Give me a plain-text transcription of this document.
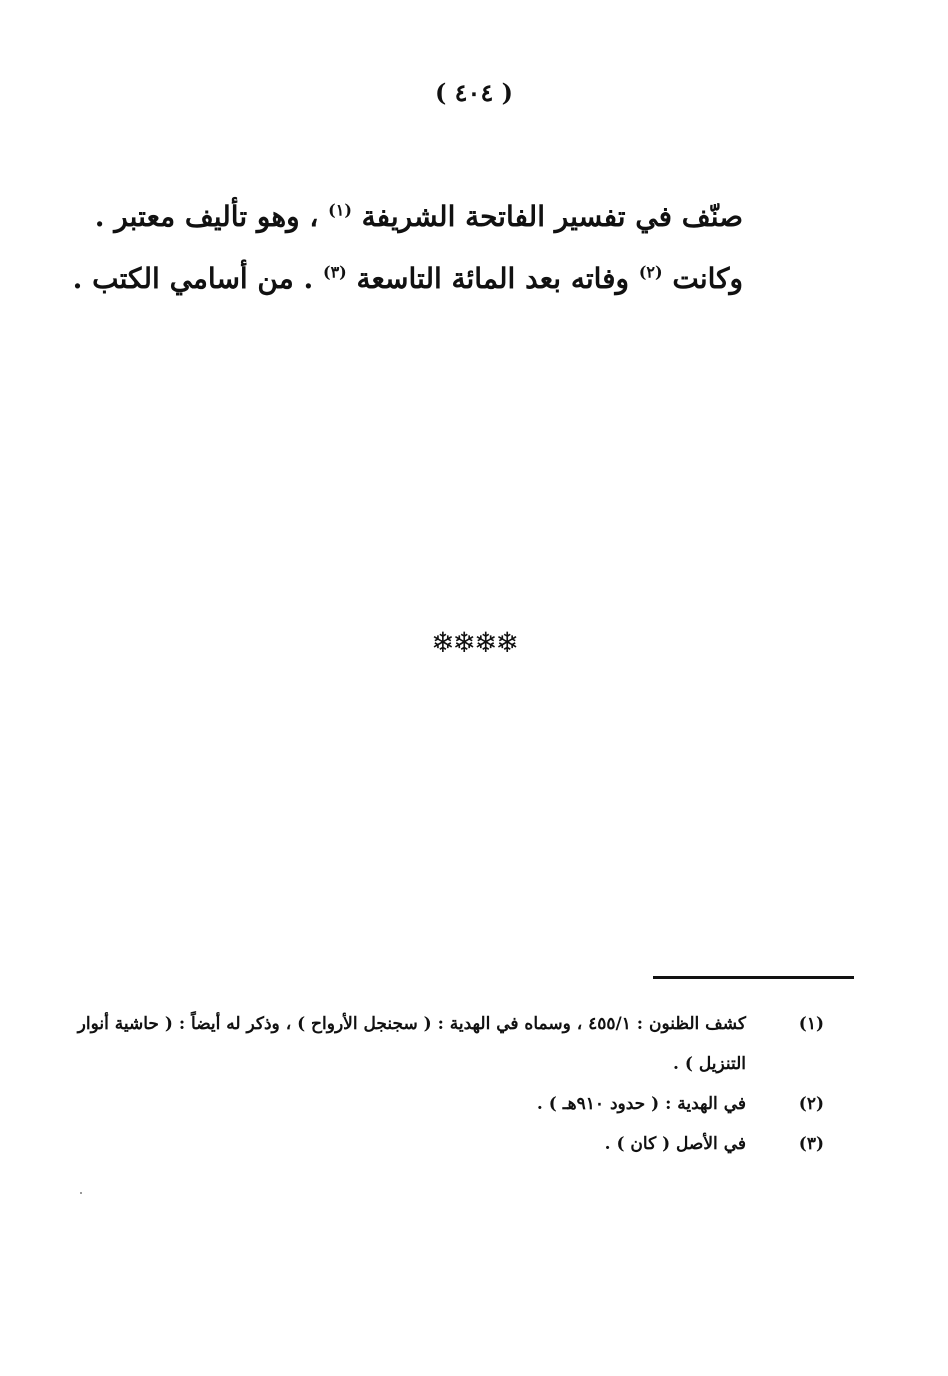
( ٤٠٤ )
صنّف في تفسير الفاتحة الشريفة $^{(١)}$ ، وهو تأليف معتبر .
وكانت $^{(٢)}$ وفاته بعد المائة التاسعة $^{(٣)}$ . من أسامي الكتب .
❄❄❄❄
(١)
كشف الظنون : ٤٥٥/١ ، وسماه في الهدية : ( سجنجل الأرواح ) ، وذكر له أيضاً : ( حاشية أنوار التنزيل ) .
(٢)
في الهدية : ( حدود ٩١٠هـ ) .
(٣)
في الأصل ( كان ) .
